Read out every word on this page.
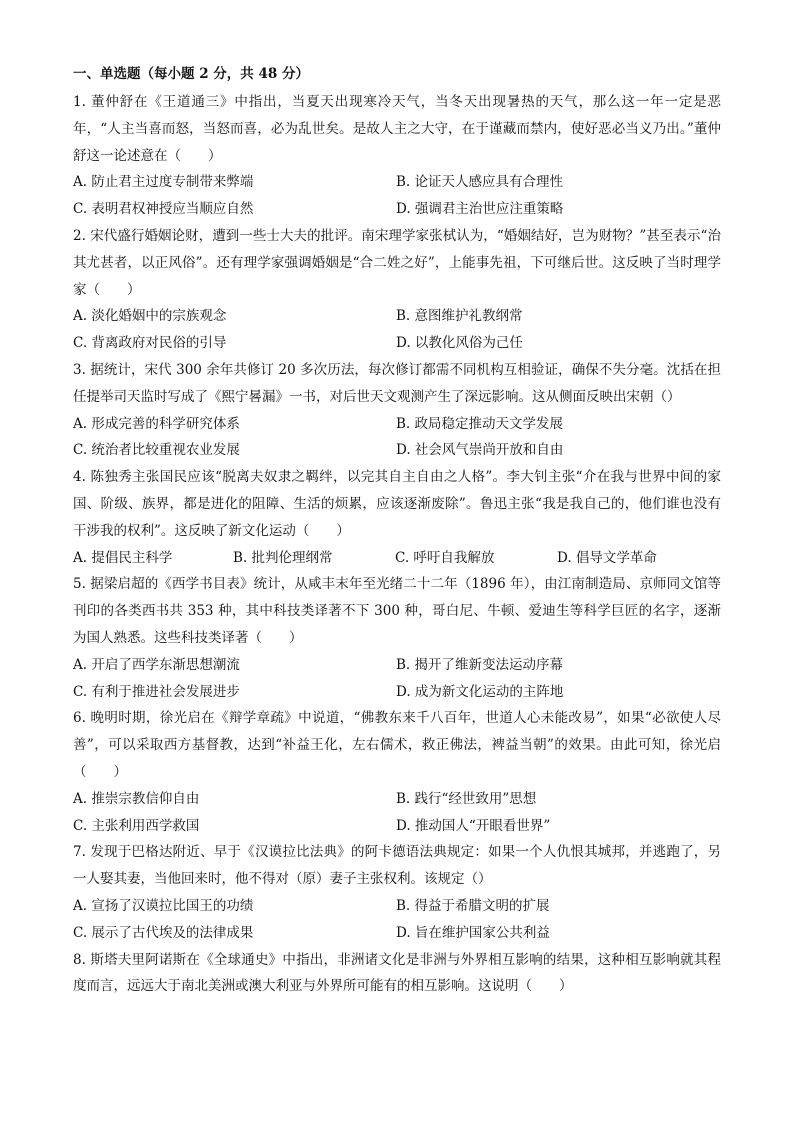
一、单选题（每小题 2 分，共 48 分）

1. 董仲舒在《王道通三》中指出，当夏天出现寒冷天气，当冬天出现暑热的天气，那么这一年一定是恶年，“人主当喜而怒，当怒而喜，必为乱世矣。是故人主之大守，在于谨藏而禁内，使好恶必当义乃出。”董仲舒这一论述意在（　　）

A. 防止君主过度专制带来弊端	B. 论证天人感应具有合理性
C. 表明君权神授应当顺应自然	D. 强调君主治世应注重策略

2. 宋代盛行婚姻论财，遭到一些士大夫的批评。南宋理学家张栻认为，“婚姻结好，岂为财物？”甚至表示“治其尤甚者，以正风俗”。还有理学家强调婚姻是“合二姓之好”，上能事先祖，下可继后世。这反映了当时理学家（　　）

A. 淡化婚姻中的宗族观念	B. 意图维护礼教纲常
C. 背离政府对民俗的引导	D. 以教化风俗为己任

3. 据统计，宋代 300 余年共修订 20 多次历法，每次修订都需不同机构互相验证，确保不失分毫。沈括在担任提举司天监时写成了《熙宁晷漏》一书，对后世天文观测产生了深远影响。这从侧面反映出宋朝（）

A. 形成完善的科学研究体系	B. 政局稳定推动天文学发展
C. 统治者比较重视农业发展	D. 社会风气崇尚开放和自由

4. 陈独秀主张国民应该“脱离夫奴隶之羁绊，以完其自主自由之人格”。李大钊主张“介在我与世界中间的家国、阶级、族界，都是进化的阻障、生活的烦累，应该逐渐废除”。鲁迅主张“我是我自己的，他们谁也没有干涉我的权利”。这反映了新文化运动（　　）

A. 提倡民主科学	B. 批判伦理纲常	C. 呼吁自我解放	D. 倡导文学革命

5. 据梁启超的《西学书目表》统计，从咸丰末年至光绪二十二年（1896 年），由江南制造局、京师同文馆等刊印的各类西书共 353 种，其中科技类译著不下 300 种，哥白尼、牛顿、爱迪生等科学巨匠的名字，逐渐为国人熟悉。这些科技类译著（　　）

A. 开启了西学东渐思想潮流	B. 揭开了维新变法运动序幕
C. 有利于推进社会发展进步	D. 成为新文化运动的主阵地

6. 晚明时期，徐光启在《辩学章疏》中说道，“佛教东来千八百年，世道人心未能改易”，如果“必欲使人尽善”，可以采取西方基督教，达到“补益王化，左右儒术，救正佛法，裨益当朝”的效果。由此可知，徐光启（　　）

A. 推崇宗教信仰自由	B. 践行“经世致用”思想
C. 主张利用西学救国	D. 推动国人“开眼看世界”

7. 发现于巴格达附近、早于《汉谟拉比法典》的阿卡德语法典规定：如果一个人仇恨其城邦，并逃跑了，另一人娶其妻，当他回来时，他不得对（原）妻子主张权利。该规定（）

A. 宣扬了汉谟拉比国王的功绩	B. 得益于希腊文明的扩展
C. 展示了古代埃及的法律成果	D. 旨在维护国家公共利益

8. 斯塔夫里阿诺斯在《全球通史》中指出，非洲诸文化是非洲与外界相互影响的结果，这种相互影响就其程度而言，远远大于南北美洲或澳大利亚与外界所可能有的相互影响。这说明（　　）
